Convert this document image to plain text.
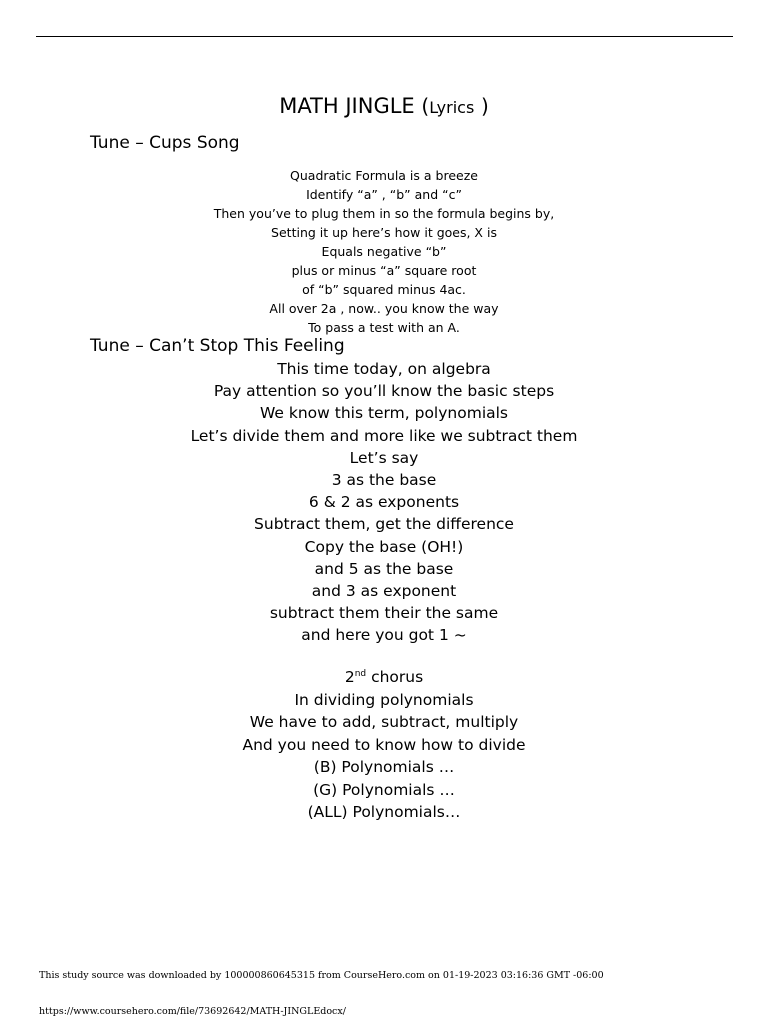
MATH JINGLE (Lyrics )
Tune – Cups Song
Quadratic Formula is a breeze
Identify “a” , “b” and “c”
Then you’ve to plug them in so the formula begins by,
Setting it up here’s how it goes, X is
Equals negative “b”
plus or minus “a” square root
of “b” squared minus 4ac.
All over 2a , now.. you know the way
To pass a test with an A.
Tune – Can’t Stop This Feeling
This time today, on algebra
Pay attention so you’ll know the basic steps
We know this term, polynomials
Let’s divide them and more like we subtract them
Let’s say
3 as the base
6 & 2 as exponents
Subtract them, get the difference
Copy the base (OH!)
and 5 as the base
and 3 as exponent
subtract them their the same
and here you got 1 ~
2nd chorus
In dividing polynomials
We have to add, subtract, multiply
And you need to know how to divide
(B) Polynomials …
(G) Polynomials …
(ALL) Polynomials…
This study source was downloaded by 100000860645315 from CourseHero.com on 01-19-2023 03:16:36 GMT -06:00
https://www.coursehero.com/file/73692642/MATH-JINGLEdocx/
